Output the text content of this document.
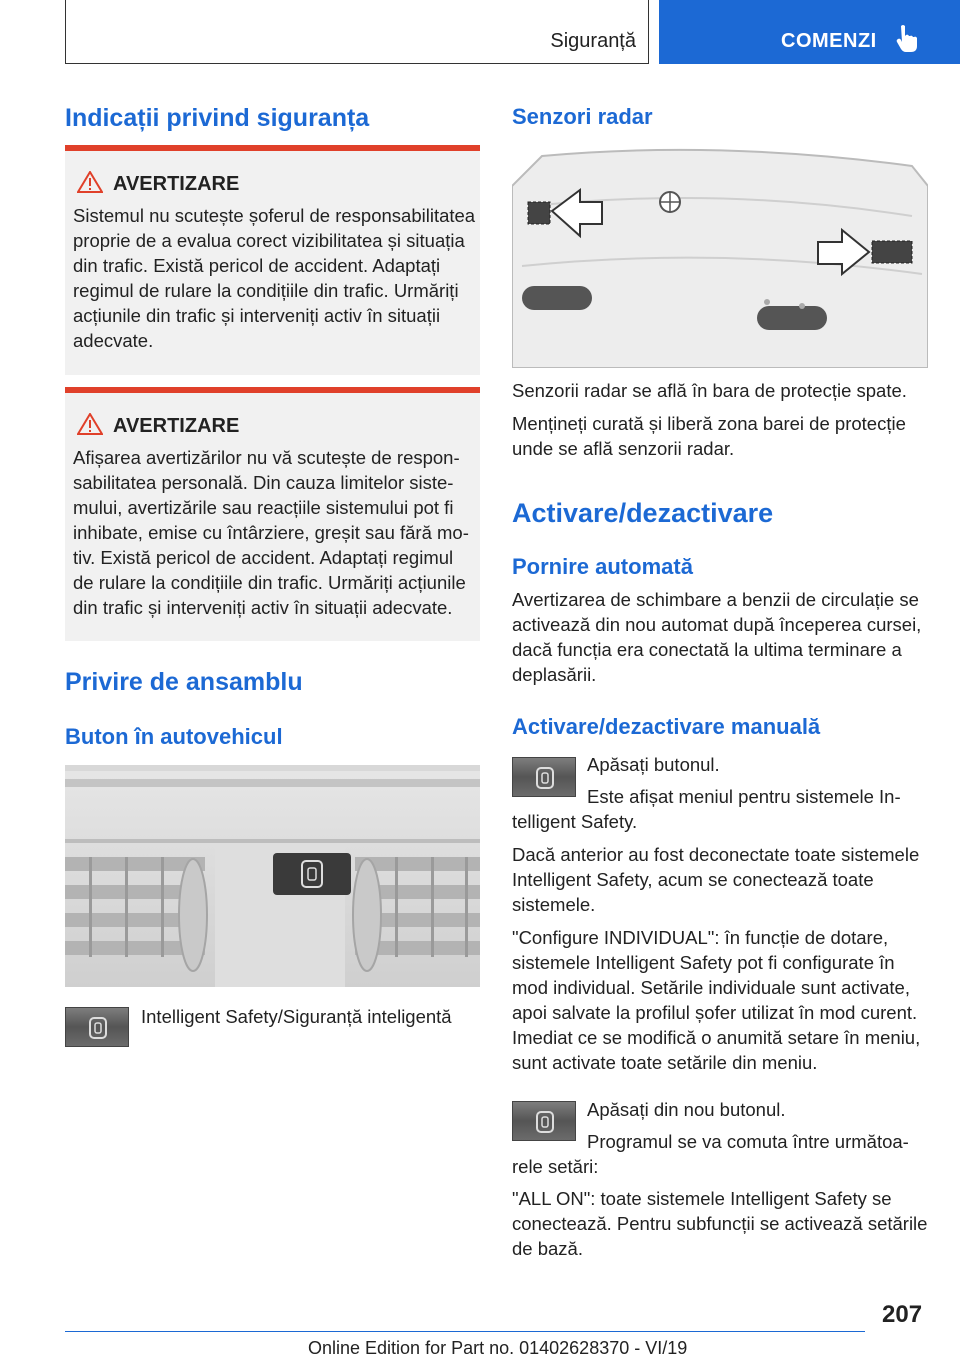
Siguranță	COMENZI
Indicații privind siguranța
AVERTIZARE
Sistemul nu scutește șoferul de responsabilitatea proprie de a evalua corect vizibilitatea și situația din trafic. Există pericol de accident. Adaptați regimul de rulare la condițiile din trafic. Urmăriți acțiunile din trafic și interveniți activ în situații adecvate.
AVERTIZARE
Afișarea avertizărilor nu vă scutește de responsabilitatea personală. Din cauza limitelor sistemului, avertizările sau reacțiile sistemului pot fi inhibate, emise cu întârziere, greșit sau fără motiv. Există pericol de accident. Adaptați regimul de rulare la condițiile din trafic. Urmăriți acțiunile din trafic și interveniți activ în situații adecvate.
Privire de ansamblu
Buton în autovehicul
Intelligent Safety/Siguranță inteligentă
Senzori radar

Senzorii radar se află în bara de protecție spate.

Mențineți curată și liberă zona barei de protecție unde se află senzorii radar.

Activare/dezactivare
Pornire automată
Avertizarea de schimbare a benzii de circulație se activează din nou automat după începerea cursei, dacă funcția era conectată la ultima terminare a deplasării.
Activare/dezactivare manuală
Apăsați butonul.
Este afișat meniul pentru sistemele Intelligent Safety.

Dacă anterior au fost deconectate toate sistemele Intelligent Safety, acum se conectează toate sistemele.

"Configure INDIVIDUAL": în funcție de dotare, sistemele Intelligent Safety pot fi configurate în mod individual. Setările individuale sunt activate, apoi salvate la profilul șofer utilizat în mod curent. Imediat ce se modifică o anumită setare în meniu, sunt activate toate setările din meniu.

Apăsați din nou butonul.
Programul se va comuta între următoarele setări:
"ALL ON": toate sistemele Intelligent Safety se conectează. Pentru subfuncții se activează setările de bază.
207
Online Edition for Part no. 01402628370 - VI/19
